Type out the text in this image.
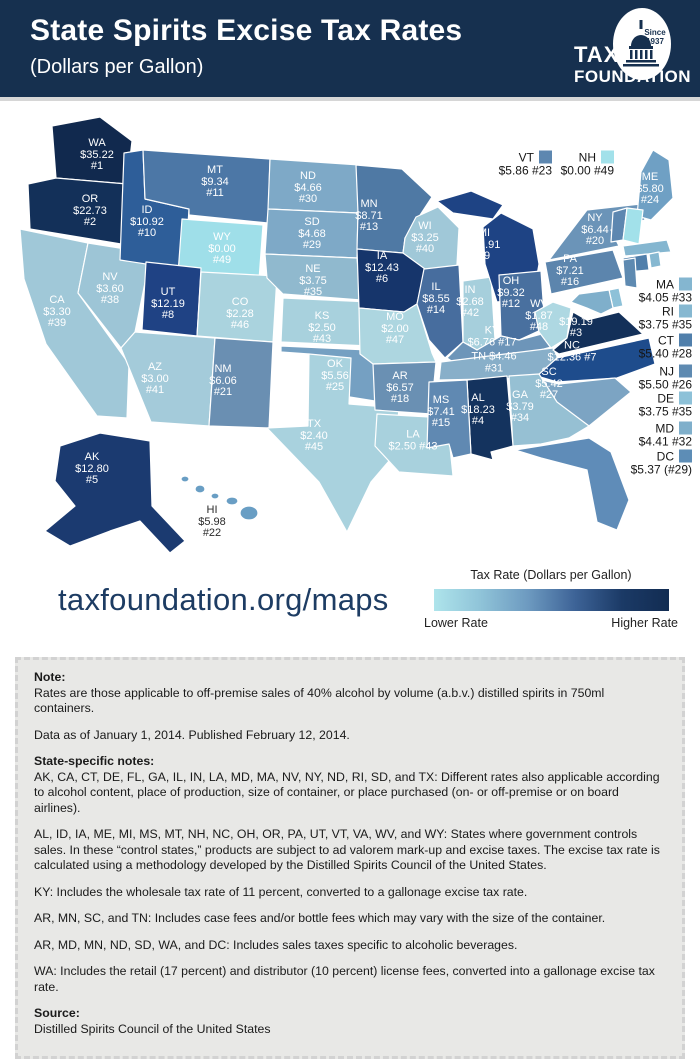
State Spirits Excise Tax Rates
(Dollars per Gallon)
Since
1937
TAX
FOUNDATION
WA
$35.22
#1
OR
$22.73
#2
VA
$19.19
#3
AL
$18.23
#4
AK
$12.80
#5
IA
$12.43
#6
NC
$12.36 #7
UT
$12.19
#8
MI
$11.91
#9
ID
$10.92
#10
MT
$9.34
#11
OH
$9.32
#12
MN
$8.71
#13
IL
$8.55
#14
MS
$7.41
#15
PA
$7.21
#16
KY
$6.76 #17
AR
$6.57
#18
FL
$6.50
#19
NY
$6.44
#20
NM
$6.06
#21
HI
$5.98
#22
VT
$5.86 #23	ME
$5.80
#24
OK
$5.56
#25
NJ
$5.50 #26
SC
$5.42
#27
CT
$5.40 #28
DC
$5.37 (#29)
SD
$4.68
#29
ND
$4.66
#30
TN $4.46
#31
MD
$4.41 #32
MA
$4.05 #33
GA
$3.79
#34
NE
$3.75
#35
RI
$3.75 #35
DE
$3.75 #35
NV
$3.60
#38
CA
$3.30
#39
WI
$3.25
#40
AZ
$3.00
#41
IN
$2.68
#42
KS
$2.50
#43
LA
$2.50 #43
TX
$2.40
#45
CO
$2.28
#46
MO
$2.00
#47
WV
$1.87
#48
WY
$0.00
#49
NH
$0.00 #49
taxfoundation.org/maps
Tax Rate (Dollars per Gallon)
Lower Rate	Higher Rate

Note:
Rates are those applicable to off-premise sales of 40% alcohol by volume (a.b.v.) distilled spirits in 750ml containers.

Data as of January 1, 2014. Published February 12, 2014.

State-specific notes:
AK, CA, CT, DE, FL, GA, IL, IN, LA, MD, MA, NV, NY, ND, RI, SD, and TX: Different rates also applicable according to alcohol content, place of production, size of container, or place purchased (on- or off-premise or on board airlines).

AL, ID, IA, ME, MI, MS, MT, NH, NC, OH, OR, PA, UT, VT, VA, WV, and WY: States where government controls sales. In these “control states,” products are subject to ad valorem mark-up and excise taxes. The excise tax rate is calculated using a methodology developed by the Distilled Spirits Council of the United States.

KY: Includes the wholesale tax rate of 11 percent, converted to a gallonage excise tax rate.

AR, MN, SC, and TN: Includes case fees and/or bottle fees which may vary with the size of the container.

AR, MD, MN, ND, SD, WA, and DC: Includes sales taxes specific to alcoholic beverages.

WA: Includes the retail (17 percent) and distributor (10 percent) license fees, converted into a gallonage excise tax rate.

Source:
Distilled Spirits Council of the United States
